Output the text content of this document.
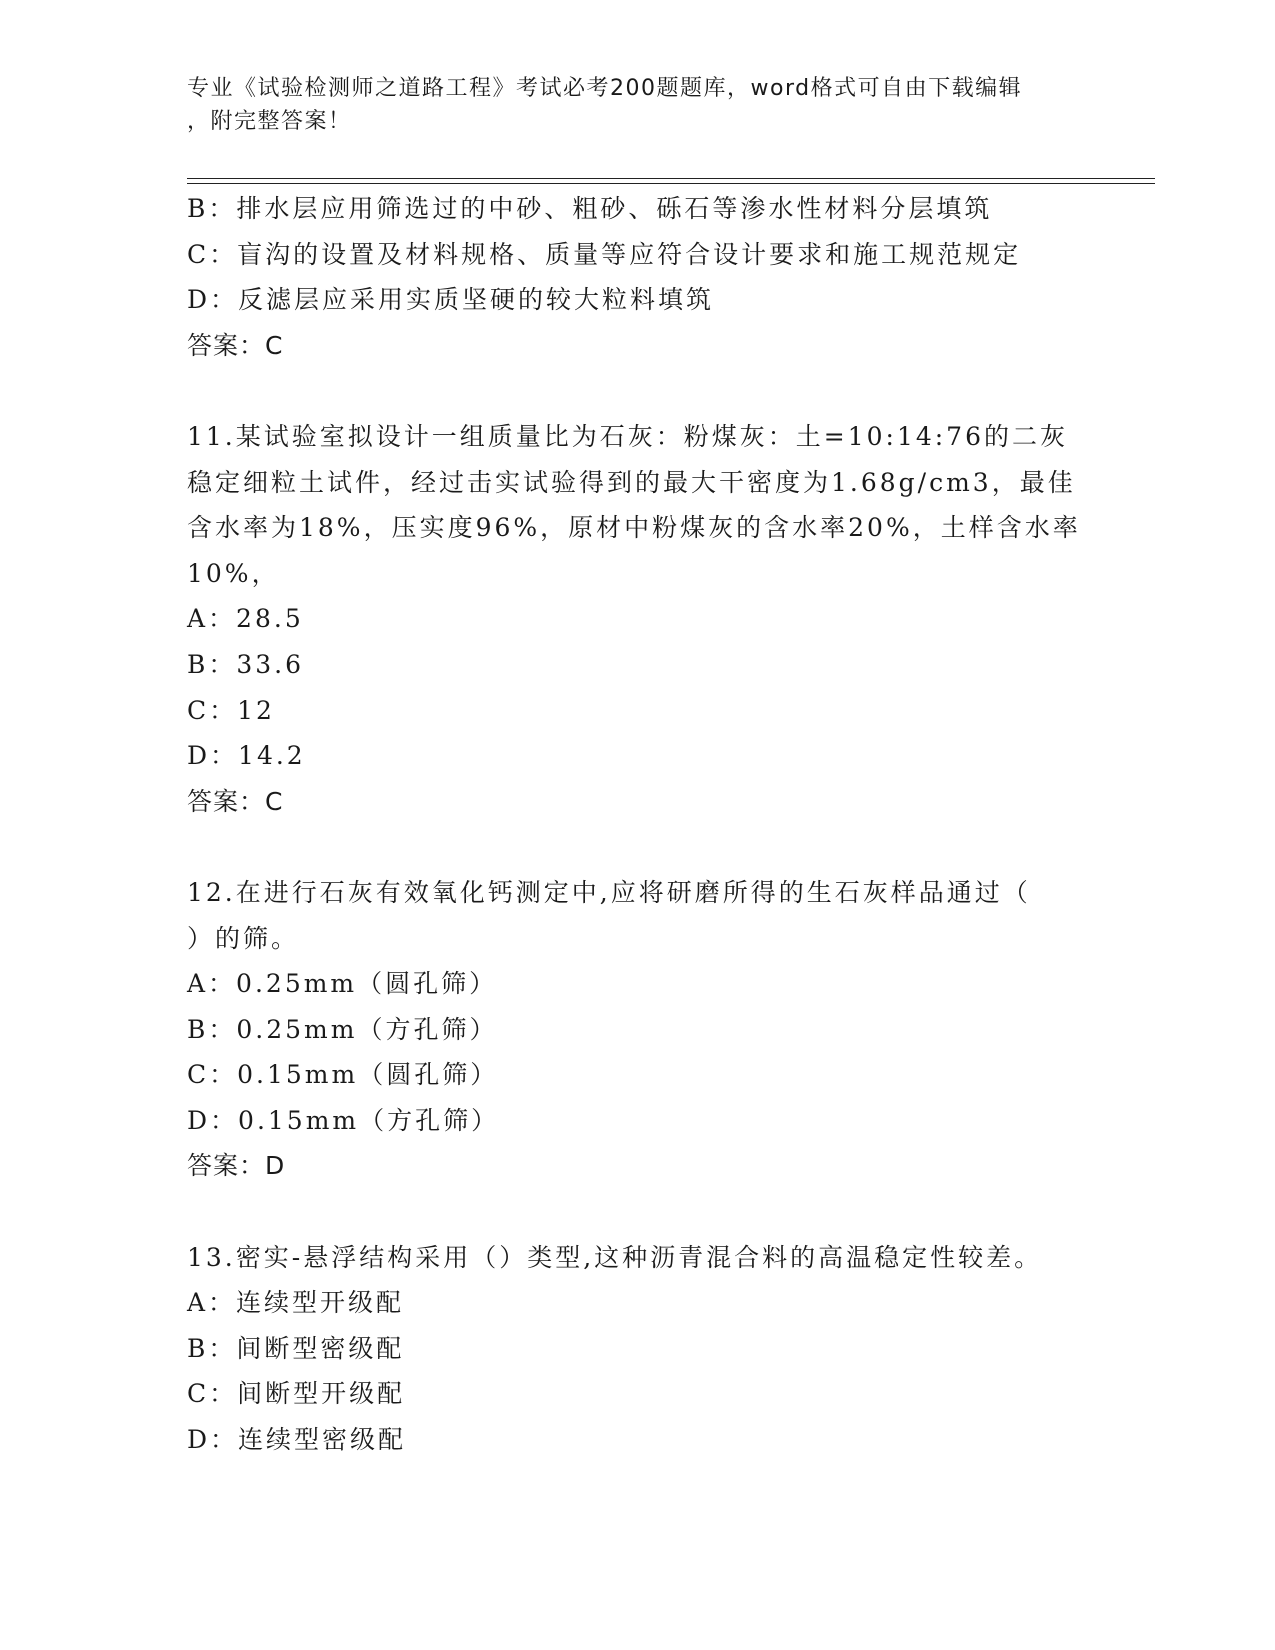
专业《试验检测师之道路工程》考试必考200题题库，word格式可自由下载编辑
，附完整答案！
B：排水层应用筛选过的中砂、粗砂、砾石等渗水性材料分层填筑
C：盲沟的设置及材料规格、质量等应符合设计要求和施工规范规定
D：反滤层应采用实质坚硬的较大粒料填筑
答案：C
11.某试验室拟设计一组质量比为石灰：粉煤灰：土=10:14:76的二灰
稳定细粒土试件，经过击实试验得到的最大干密度为1.68g/cm3，最佳
含水率为18%，压实度96%，原材中粉煤灰的含水率20%，土样含水率
10%，
A：28.5
B：33.6
C：12
D：14.2
答案：C
12.在进行石灰有效氧化钙测定中,应将研磨所得的生石灰样品通过（
）的筛。
A：0.25mm（圆孔筛）
B：0.25mm（方孔筛）
C：0.15mm（圆孔筛）
D：0.15mm（方孔筛）
答案：D
13.密实-悬浮结构采用（）类型,这种沥青混合料的高温稳定性较差。
A：连续型开级配
B：间断型密级配
C：间断型开级配
D：连续型密级配
